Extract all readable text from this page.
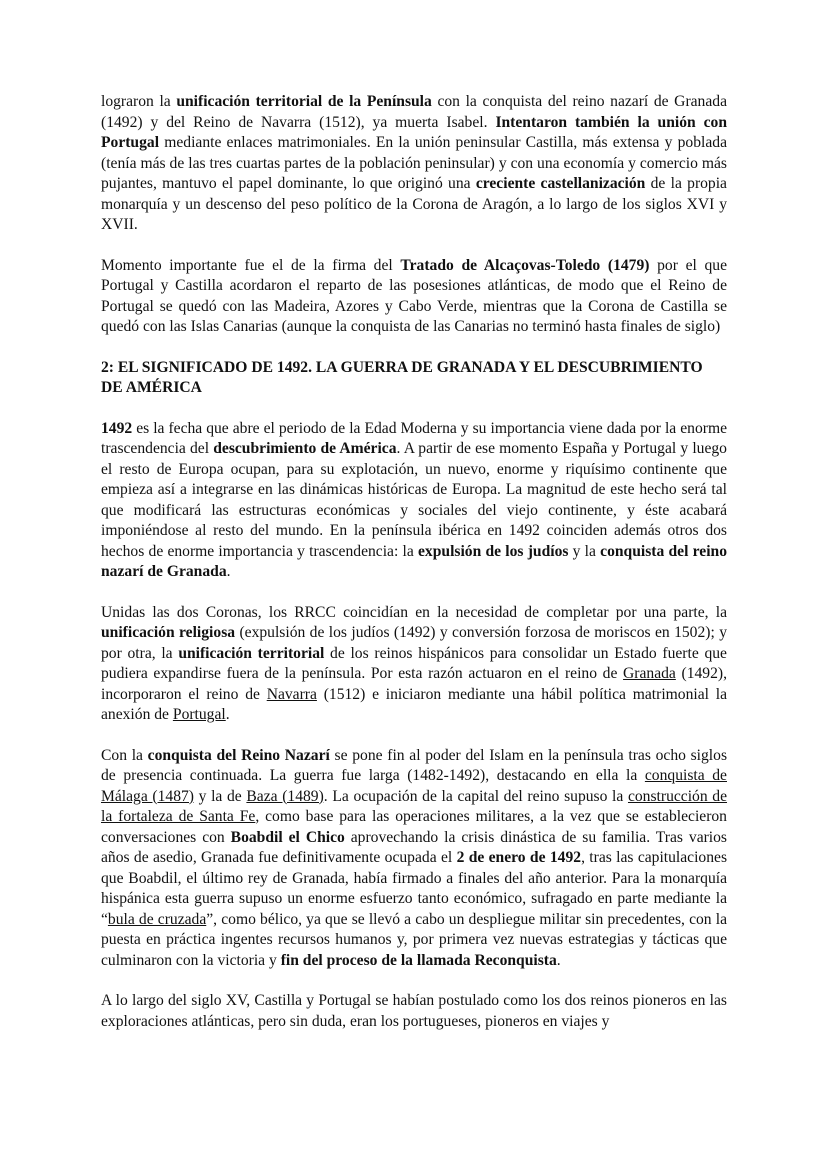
lograron la unificación territorial de la Península con la conquista del reino nazarí de Granada (1492) y del Reino de Navarra (1512), ya muerta Isabel. Intentaron también la unión con Portugal mediante enlaces matrimoniales. En la unión peninsular Castilla, más extensa y poblada (tenía más de las tres cuartas partes de la población peninsular) y con una economía y comercio más pujantes, mantuvo el papel dominante, lo que originó una creciente castellanización de la propia monarquía y un descenso del peso político de la Corona de Aragón, a lo largo de los siglos XVI y XVII.

Momento importante fue el de la firma del Tratado de Alcaçovas-Toledo (1479) por el que Portugal y Castilla acordaron el reparto de las posesiones atlánticas, de modo que el Reino de Portugal se quedó con las Madeira, Azores y Cabo Verde, mientras que la Corona de Castilla se quedó con las Islas Canarias (aunque la conquista de las Canarias no terminó hasta finales de siglo)

2: EL SIGNIFICADO DE 1492. LA GUERRA DE GRANADA Y EL DESCUBRIMIENTO DE AMÉRICA

1492 es la fecha que abre el periodo de la Edad Moderna y su importancia viene dada por la enorme trascendencia del descubrimiento de América. A partir de ese momento España y Portugal y luego el resto de Europa ocupan, para su explotación, un nuevo, enorme y riquísimo continente que empieza así a integrarse en las dinámicas históricas de Europa. La magnitud de este hecho será tal que modificará las estructuras económicas y sociales del viejo continente, y éste acabará imponiéndose al resto del mundo. En la península ibérica en 1492 coinciden además otros dos hechos de enorme importancia y trascendencia: la expulsión de los judíos y la conquista del reino nazarí de Granada.

Unidas las dos Coronas, los RRCC coincidían en la necesidad de completar por una parte, la unificación religiosa (expulsión de los judíos (1492) y conversión forzosa de moriscos en 1502); y por otra, la unificación territorial de los reinos hispánicos para consolidar un Estado fuerte que pudiera expandirse fuera de la península. Por esta razón actuaron en el reino de Granada (1492), incorporaron el reino de Navarra (1512) e iniciaron mediante una hábil política matrimonial la anexión de Portugal.

Con la conquista del Reino Nazarí se pone fin al poder del Islam en la península tras ocho siglos de presencia continuada. La guerra fue larga (1482-1492), destacando en ella la conquista de Málaga (1487) y la de Baza (1489). La ocupación de la capital del reino supuso la construcción de la fortaleza de Santa Fe, como base para las operaciones militares, a la vez que se establecieron conversaciones con Boabdil el Chico aprovechando la crisis dinástica de su familia. Tras varios años de asedio, Granada fue definitivamente ocupada el 2 de enero de 1492, tras las capitulaciones que Boabdil, el último rey de Granada, había firmado a finales del año anterior. Para la monarquía hispánica esta guerra supuso un enorme esfuerzo tanto económico, sufragado en parte mediante la “bula de cruzada”, como bélico, ya que se llevó a cabo un despliegue militar sin precedentes, con la puesta en práctica ingentes recursos humanos y, por primera vez nuevas estrategias y tácticas que culminaron con la victoria y fin del proceso de la llamada Reconquista.

A lo largo del siglo XV, Castilla y Portugal se habían postulado como los dos reinos pioneros en las exploraciones atlánticas, pero sin duda, eran los portugueses, pioneros en viajes y
